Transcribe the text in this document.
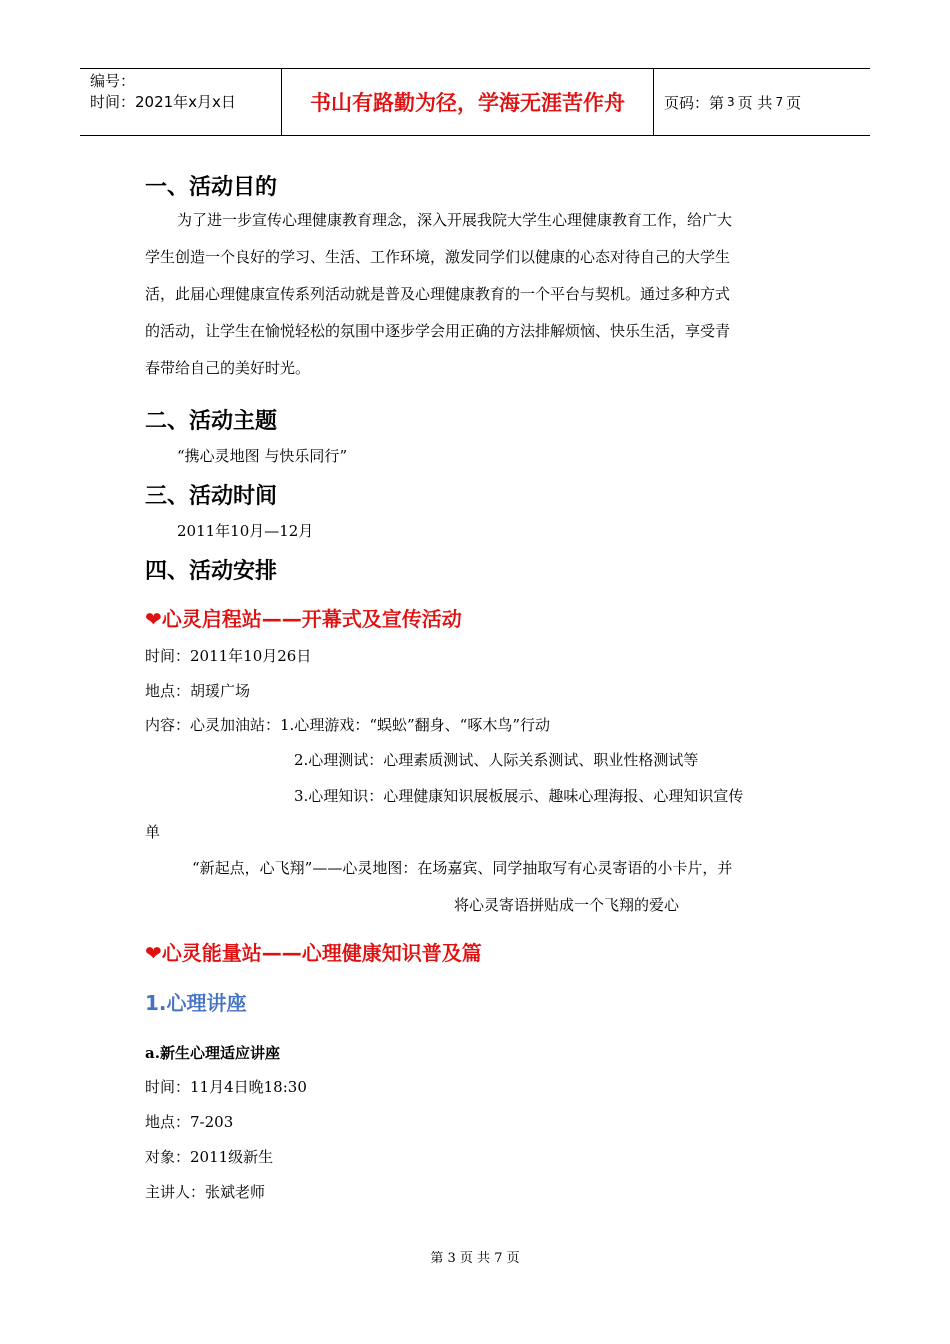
编号：
时间：2021年x月x日	书山有路勤为径，学海无涯苦作舟	页码：第 3 页 共 7 页
一、活动目的

为了进一步宣传心理健康教育理念，深入开展我院大学生心理健康教育工作，给广大

学生创造一个良好的学习、生活、工作环境，激发同学们以健康的心态对待自己的大学生

活，此届心理健康宣传系列活动就是普及心理健康教育的一个平台与契机。通过多种方式

的活动，让学生在愉悦轻松的氛围中逐步学会用正确的方法排解烦恼、快乐生活，享受青

春带给自己的美好时光。

二、活动主题
“携心灵地图 与快乐同行”
三、活动时间
2011年10月—12月
四、活动安排
❤心灵启程站——开幕式及宣传活动
时间：2011年10月26日
地点：胡瑗广场
内容：心灵加油站：1.心理游戏：“蜈蚣”翻身、“啄木鸟”行动
2.心理测试：心理素质测试、人际关系测试、职业性格测试等
3.心理知识：心理健康知识展板展示、趣味心理海报、心理知识宣传
单
“新起点，心飞翔”——心灵地图：在场嘉宾、同学抽取写有心灵寄语的小卡片，并
将心灵寄语拼贴成一个飞翔的爱心
❤心灵能量站——心理健康知识普及篇
1.心理讲座
a.新生心理适应讲座
时间：11月4日晚18:30
地点：7-203
对象：2011级新生
主讲人：张斌老师
第 3 页 共 7 页
